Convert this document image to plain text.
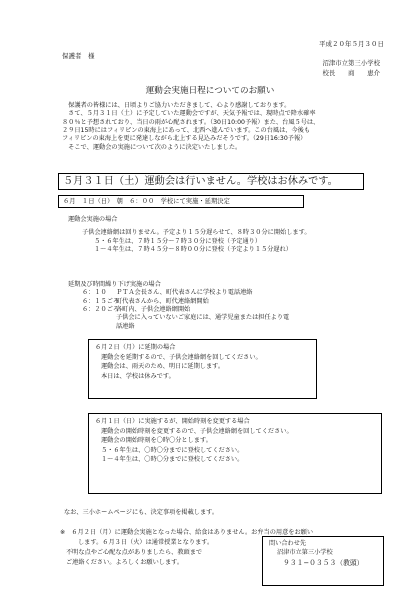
平成２０年５月３０日
保護者　様
沼津市立第三小学校
校長　　商　　恵介
運動会実施日程についてのお願い

　保護者の皆様には、日頃よりご協力いただきまして、心より感謝しております。

　さて、５月３１日（土）に予定していた運動会ですが、天気予報では、現時点で降水確率

８０％と予想されており、当日の雨が心配されます。（30日10:00予報）また、台風５号は、

２９日15時にはフィリピンの東海上にあって、北西へ進んでいます。この台風は、今後も

フィリピンの東海上を更に発達しながら北上する見込みだそうです。（29日16:30予報）

　そこで、運動会の実施について次のように決定いたしました。

５月３１日（土）運動会は行いません。学校はお休みです。
６月　１日（日）　朝　６：００　学校にて実施・延期決定
運動会実施の場合
子供会連絡網は回りません。予定より１５分遅らせて、８時３０分に開始します。
５・６年生は、７時１５分〜７時３０分に登校（予定通り）
１〜４年生は、７時４５分〜８時００分に登校（予定より１５分遅れ）
延期及び時間繰り下げ実施の場合
６：１０	ＰＴＡ会長さん、町代表さんに学校より電話連絡
６：１５ごろ
町代表さんから、町代連絡網開始
６：２０ごろ
各町内、子供会連絡網開始
子供会に入っていないご家庭には、通学児童または担任より電
話連絡
６月２日（月）に延期の場合
運動会を延期するので、子供会連絡網を回してください。
運動会は、雨天のため、明日に延期します。
本日は、学校は休みです。
６月１日（日）に実施するが、開始時刻を変更する場合
運動会の開始時刻を変更するので、子供会連絡網を回してください。
運動会の開始時刻を〇時〇分とします。
５・６年生は、〇時〇分までに登校してください。
１〜４年生は、〇時〇分までに登校してください。
なお、三小ホームページにも、決定事項を掲載します。
※　６月２日（月）に運動会実施となった場合、給食はありません。お弁当の用意をお願い
します。６月３日（火）は通常授業となります。
不明な点やご心配な点がありましたら、教頭まで
ご連絡ください。よろしくお願いします。
問い合わせ先
沼津市立第三小学校
９３１−０３５３（教頭）
